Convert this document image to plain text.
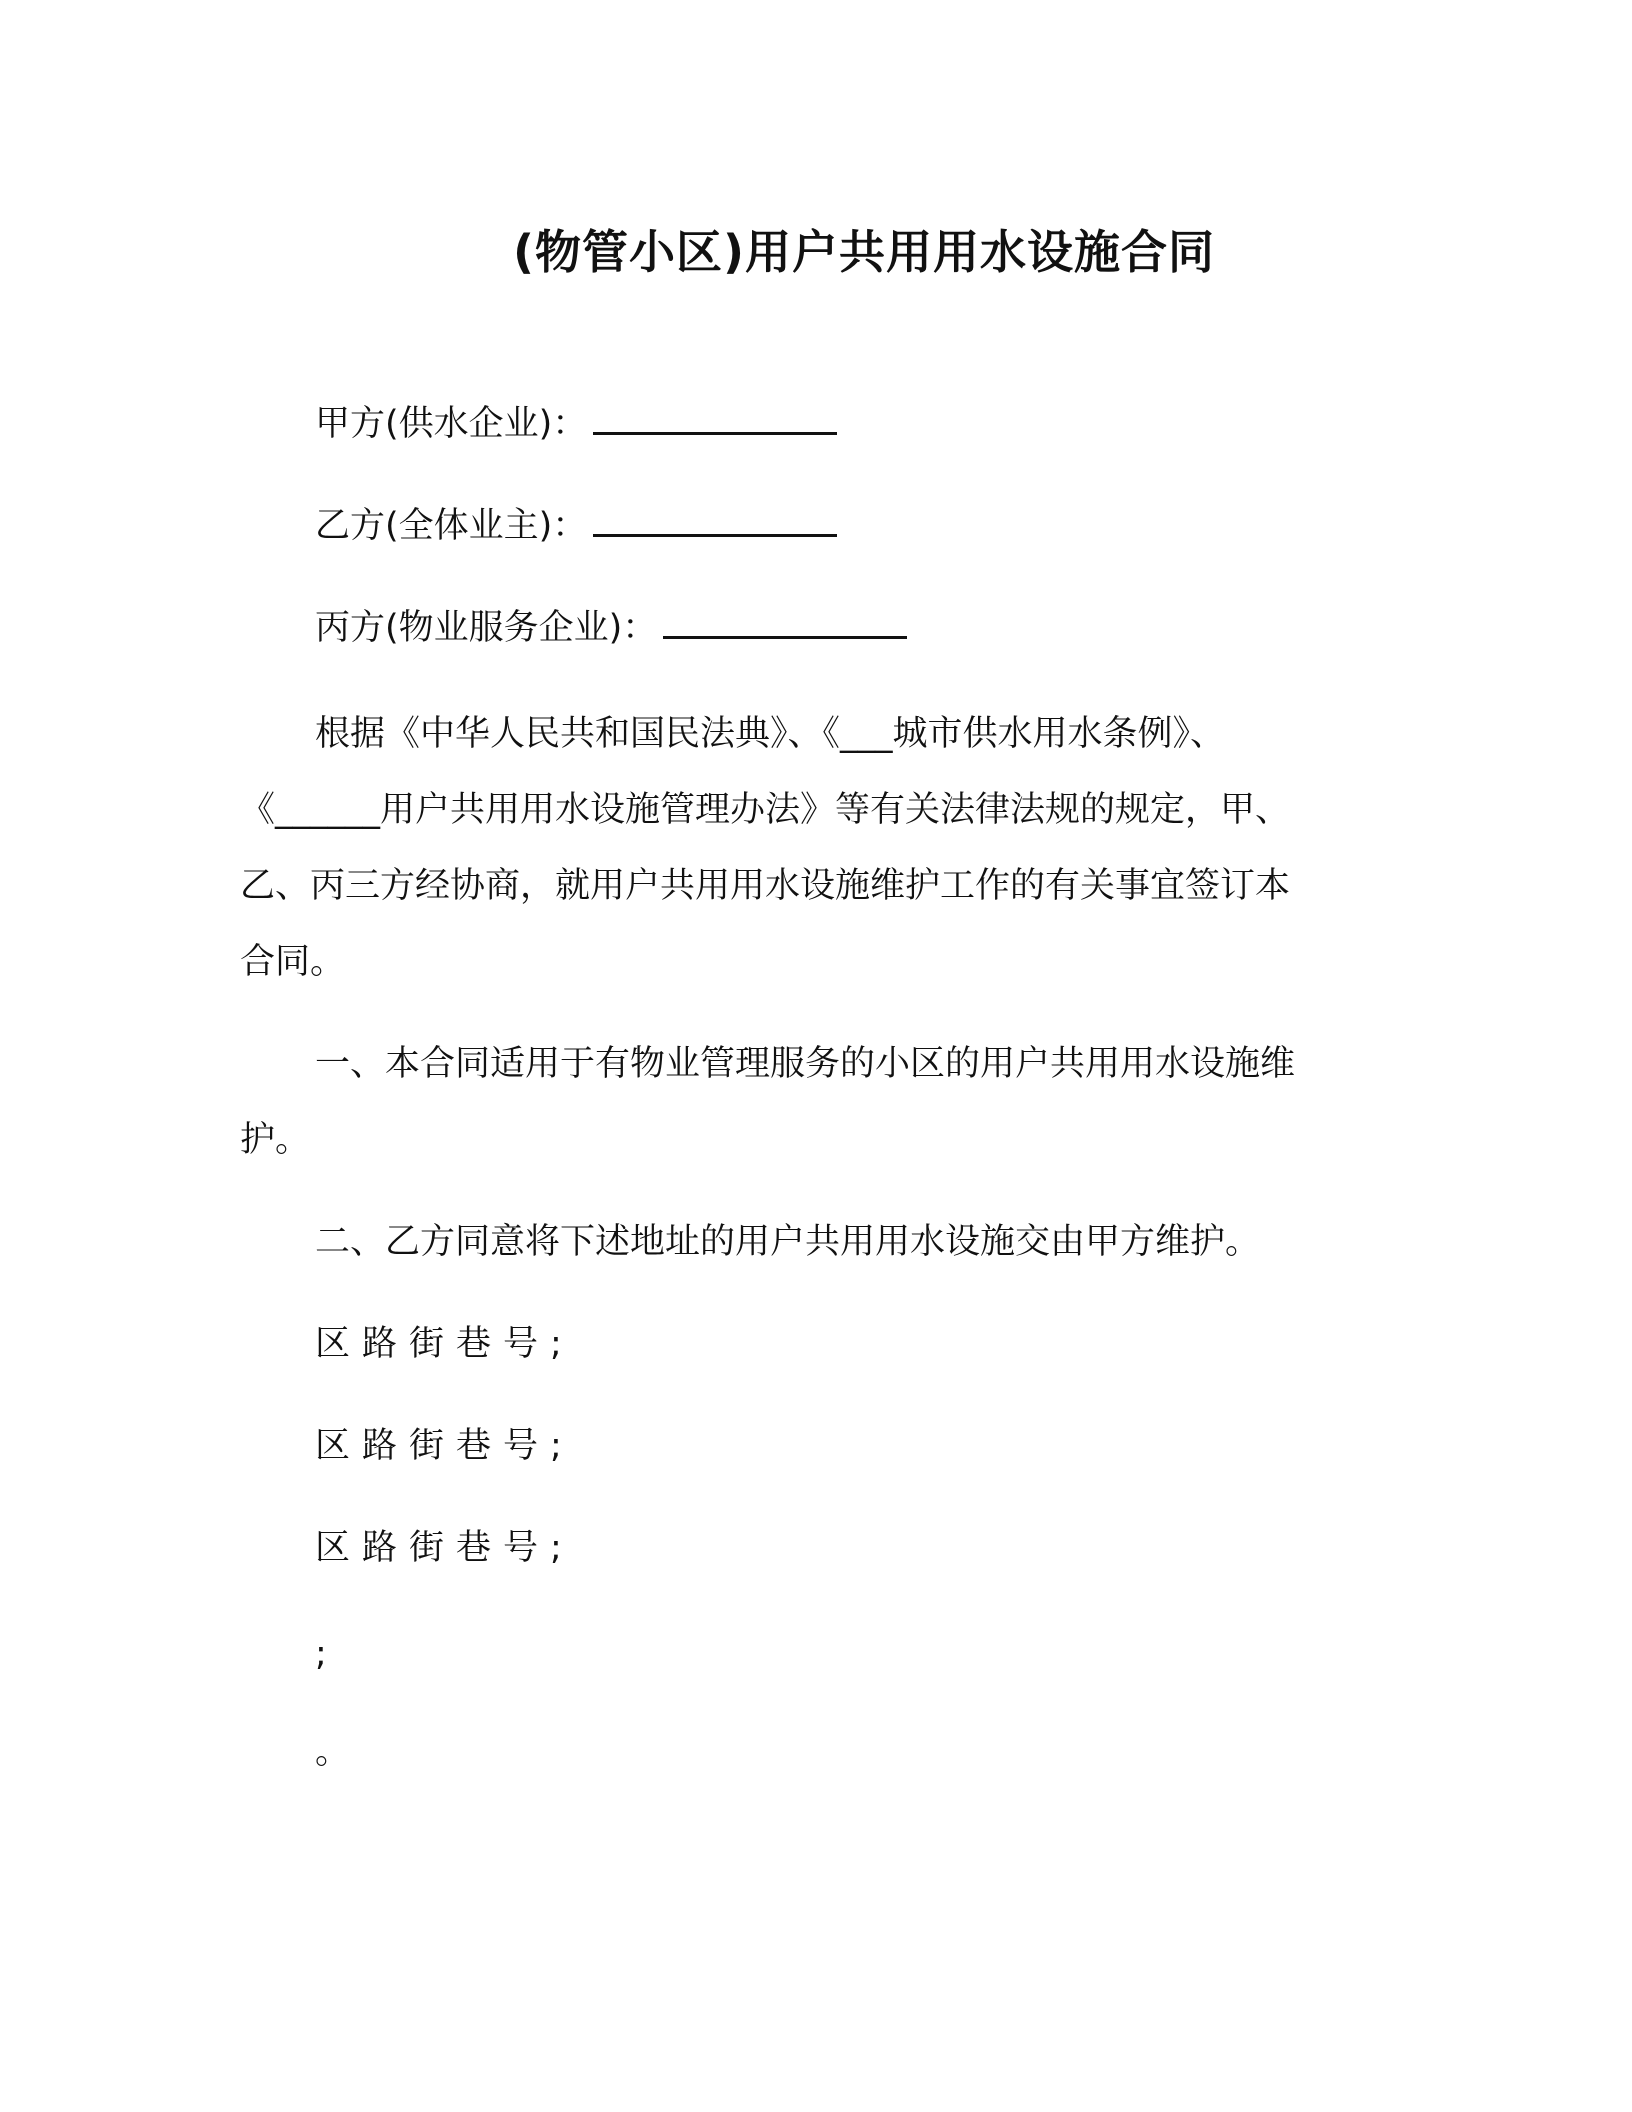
(物管小区)用户共用用水设施合同
甲方(供水企业)：
乙方(全体业主)：
丙方(物业服务企业)：
根据《中华人民共和国民法典》、《___城市供水用水条例》、
《______用户共用用水设施管理办法》等有关法律法规的规定，甲、
乙、丙三方经协商，就用户共用用水设施维护工作的有关事宜签订本
合同。
一、本合同适用于有物业管理服务的小区的用户共用用水设施维
护。
二、乙方同意将下述地址的用户共用用水设施交由甲方维护。
区路街巷号;
区路街巷号;
区路街巷号;
;
。
